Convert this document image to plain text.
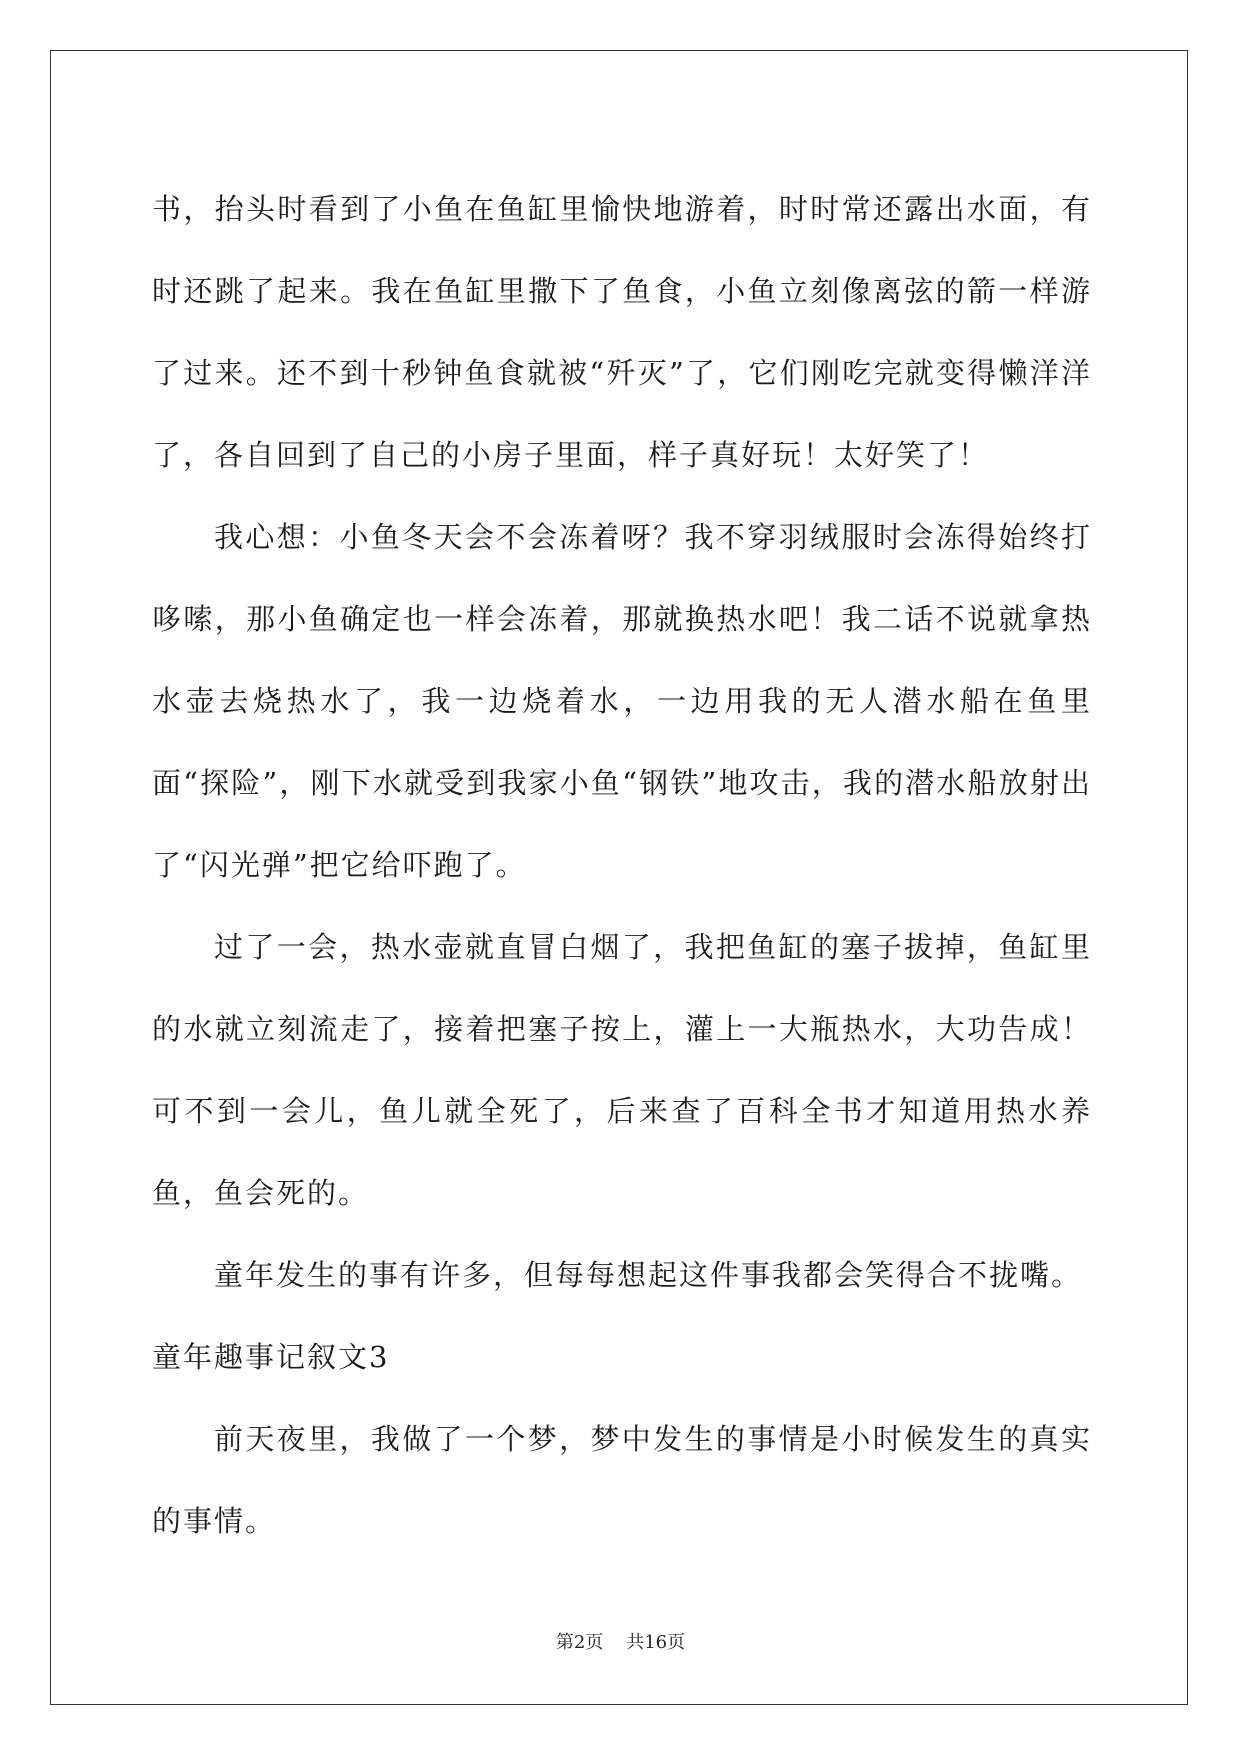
书，抬头时看到了小鱼在鱼缸里愉快地游着，时时常还露出水面，有时还跳了起来。我在鱼缸里撒下了鱼食，小鱼立刻像离弦的箭一样游了过来。还不到十秒钟鱼食就被“歼灭”了，它们刚吃完就变得懒洋洋了，各自回到了自己的小房子里面，样子真好玩！太好笑了！

我心想：小鱼冬天会不会冻着呀？我不穿羽绒服时会冻得始终打哆嗦，那小鱼确定也一样会冻着，那就换热水吧！我二话不说就拿热水壶去烧热水了，我一边烧着水，一边用我的无人潜水船在鱼里面“探险”，刚下水就受到我家小鱼“钢铁”地攻击，我的潜水船放射出了“闪光弹”把它给吓跑了。

过了一会，热水壶就直冒白烟了，我把鱼缸的塞子拔掉，鱼缸里的水就立刻流走了，接着把塞子按上，灌上一大瓶热水，大功告成！可不到一会儿，鱼儿就全死了，后来查了百科全书才知道用热水养鱼，鱼会死的。

童年发生的事有许多，但每每想起这件事我都会笑得合不拢嘴。

童年趣事记叙文3

前天夜里，我做了一个梦，梦中发生的事情是小时候发生的真实的事情。

第2页 共16页
